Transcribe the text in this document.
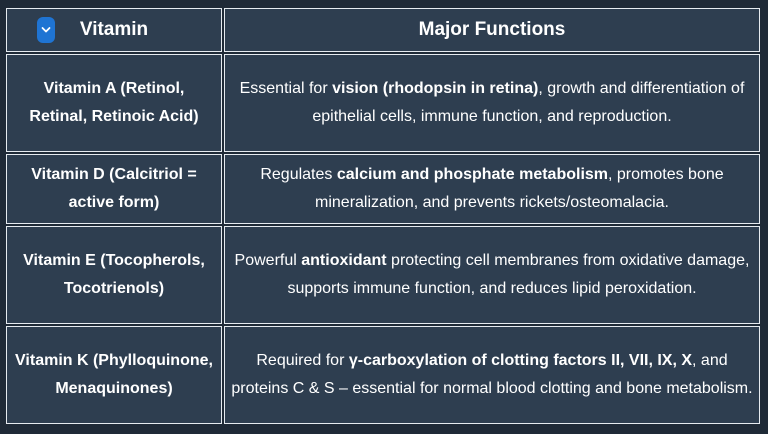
Vitamin	Major Functions
Vitamin A (Retinol, Retinal, Retinoic Acid)	Essential for vision (rhodopsin in retina), growth and differentiation of epithelial cells, immune function, and reproduction.
Vitamin D (Calcitriol = active form)	Regulates calcium and phosphate metabolism, promotes bone mineralization, and prevents rickets/osteomalacia.
Vitamin E (Tocopherols, Tocotrienols)	Powerful antioxidant protecting cell membranes from oxidative damage, supports immune function, and reduces lipid peroxidation.
Vitamin K (Phylloquinone, Menaquinones)	Required for γ-carboxylation of clotting factors II, VII, IX, X, and proteins C & S – essential for normal blood clotting and bone metabolism.
